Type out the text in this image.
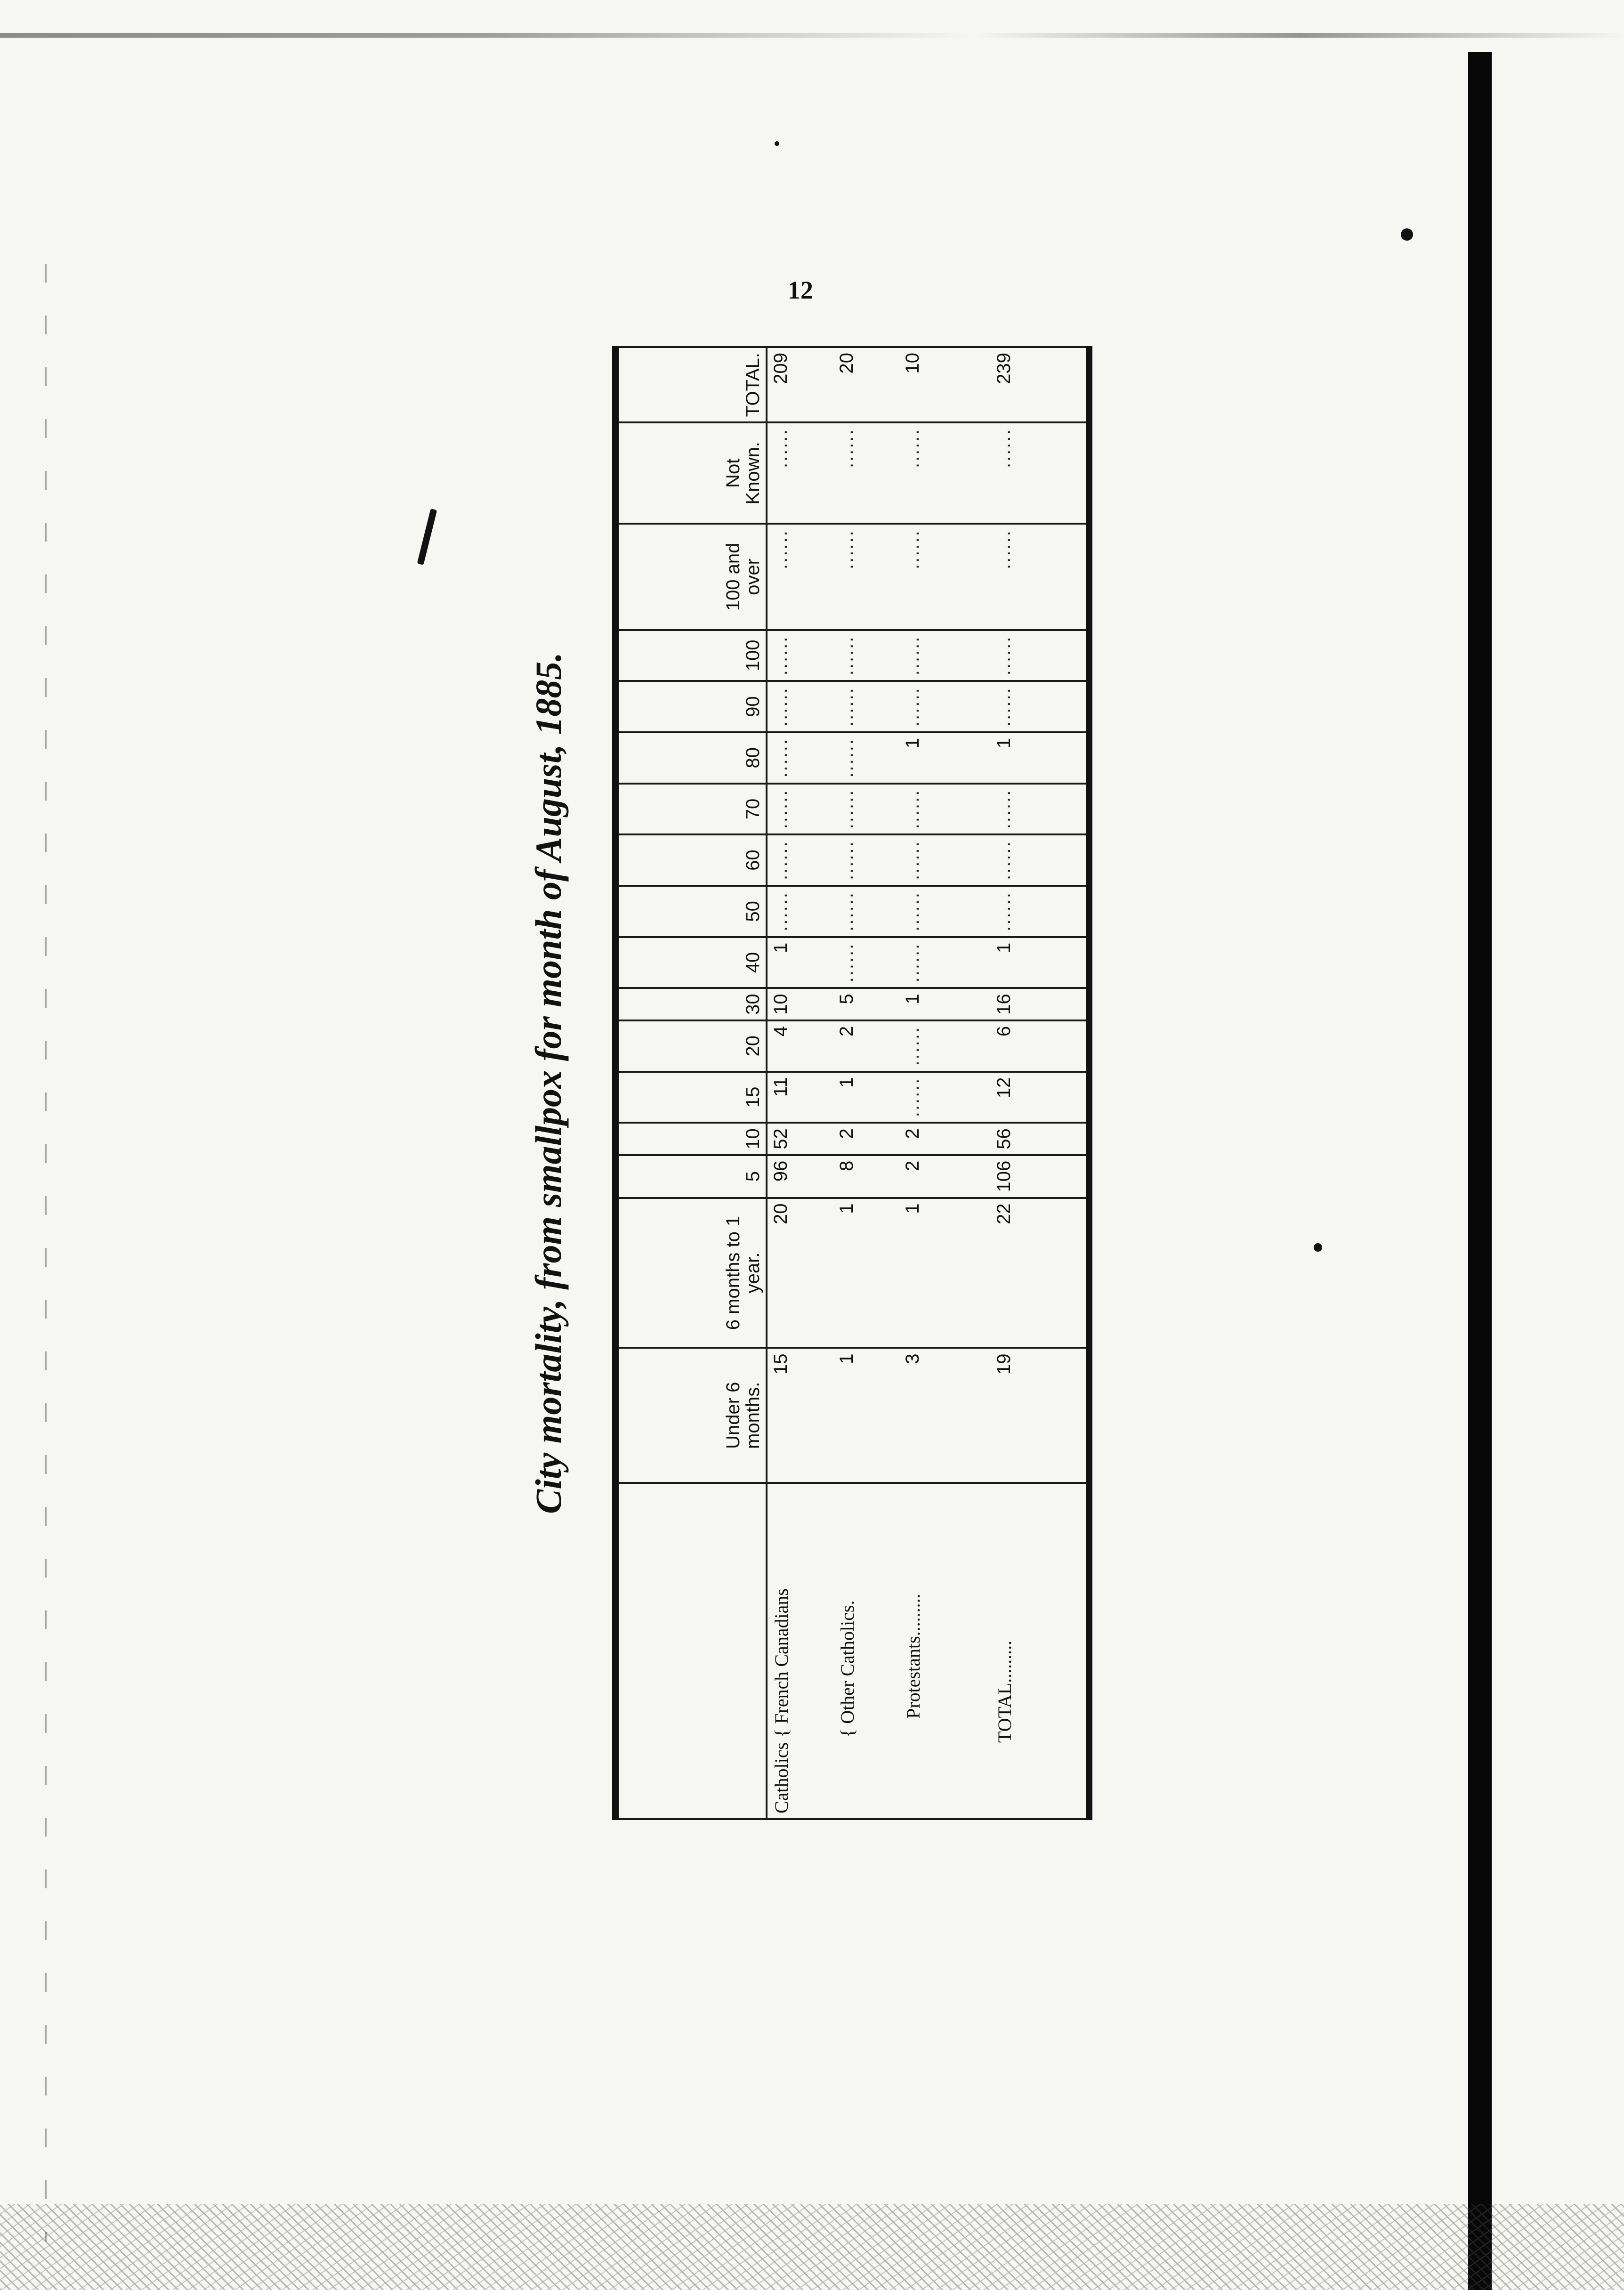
12
City mortality, from smallpox for month of August, 1885.
		Under 6 months.	6 months to 1 year.	5	10	15	20	30	40	50	60	70	80	90	100	100 and over	Not Known.	TOTAL.
Catholics { French Canadians	15	20	96	52	11	4	10	1	......	......	......	......	......	......	......	......	209
{ Other Catholics.	1	1	8	2	1	2	5	......	......	......	......	......	......	......	......	......	20
Protestants.........	3	1	2	2	......	......	1	......	......	......	......	1	......	......	......	......	10
TOTAL.........	19	22	106	56	12	6	16	1	......	......	......	1	......	......	......	......	239
